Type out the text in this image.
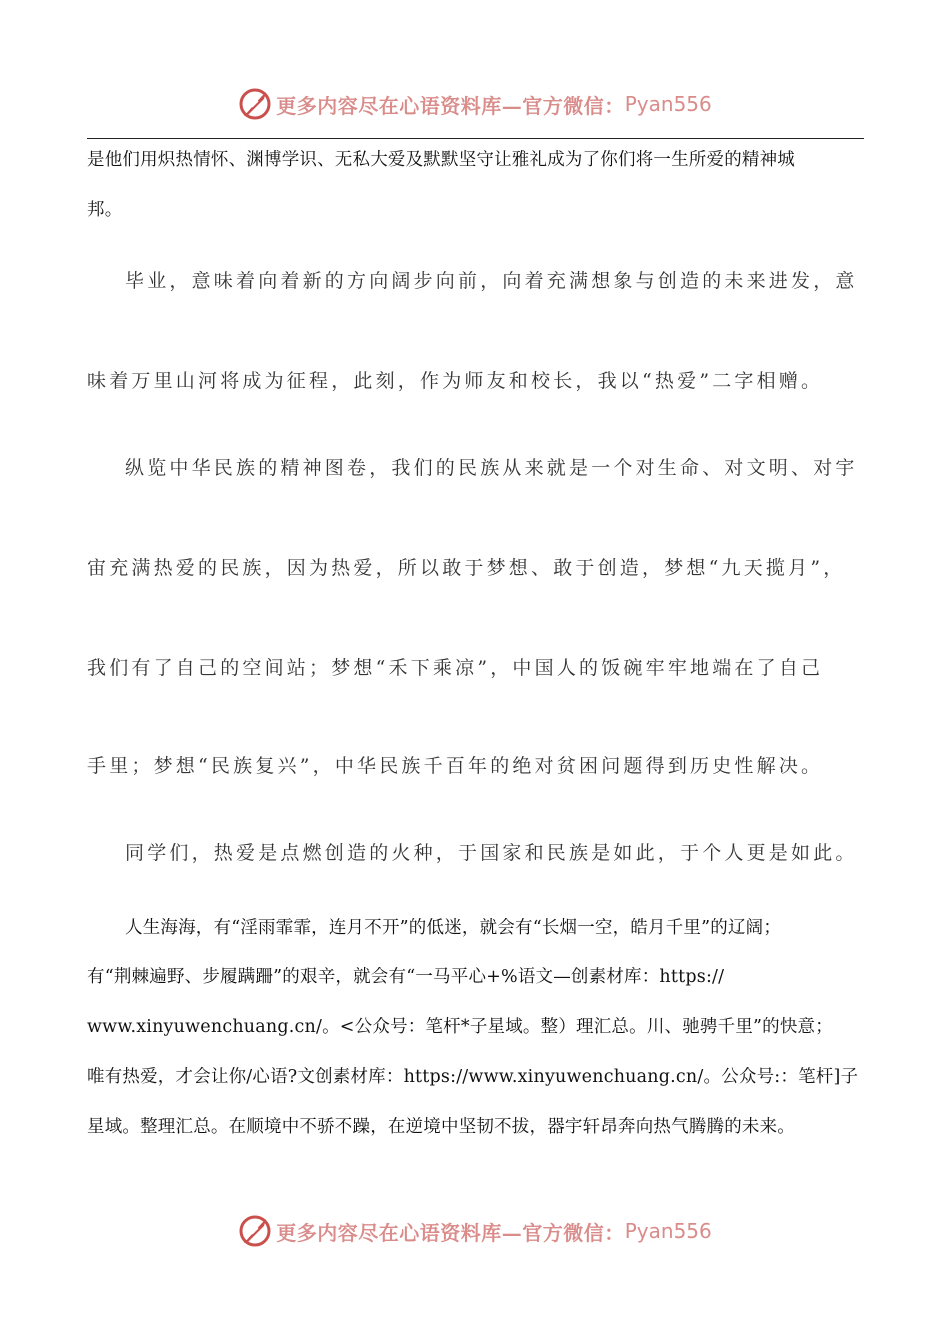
更多内容尽在心语资料库—官方微信： Pyan556
是他们用炽热情怀、渊博学识、无私大爱及默默坚守让雅礼成为了你们将一生所爱的精神城
邦。
毕业，意味着向着新的方向阔步向前，向着充满想象与创造的未来进发，意
味着万里山河将成为征程，此刻，作为师友和校长，我以“热爱”二字相赠。
纵览中华民族的精神图卷，我们的民族从来就是一个对生命、对文明、对宇
宙充满热爱的民族，因为热爱，所以敢于梦想、敢于创造，梦想“九天揽月”，
我们有了自己的空间站；梦想“禾下乘凉”，中国人的饭碗牢牢地端在了自己
手里；梦想“民族复兴”，中华民族千百年的绝对贫困问题得到历史性解决。
同学们，热爱是点燃创造的火种，于国家和民族是如此，于个人更是如此。
人生海海，有“淫雨霏霏，连月不开”的低迷，就会有“长烟一空，皓月千里”的辽阔；
有“荆棘遍野、步履蹒跚”的艰辛，就会有“一马平心+%语文—创素材库：https://
www.xinyuwenchuang.cn/。<公众号：笔杆*子星域。整）理汇总。川、驰骋千里”的快意；
唯有热爱，才会让你/心语?文创素材库：https://www.xinyuwenchuang.cn/。公众号:：笔杆]子
星域。整理汇总。在顺境中不骄不躁，在逆境中坚韧不拔，器宇轩昂奔向热气腾腾的未来。
更多内容尽在心语资料库—官方微信： Pyan556
